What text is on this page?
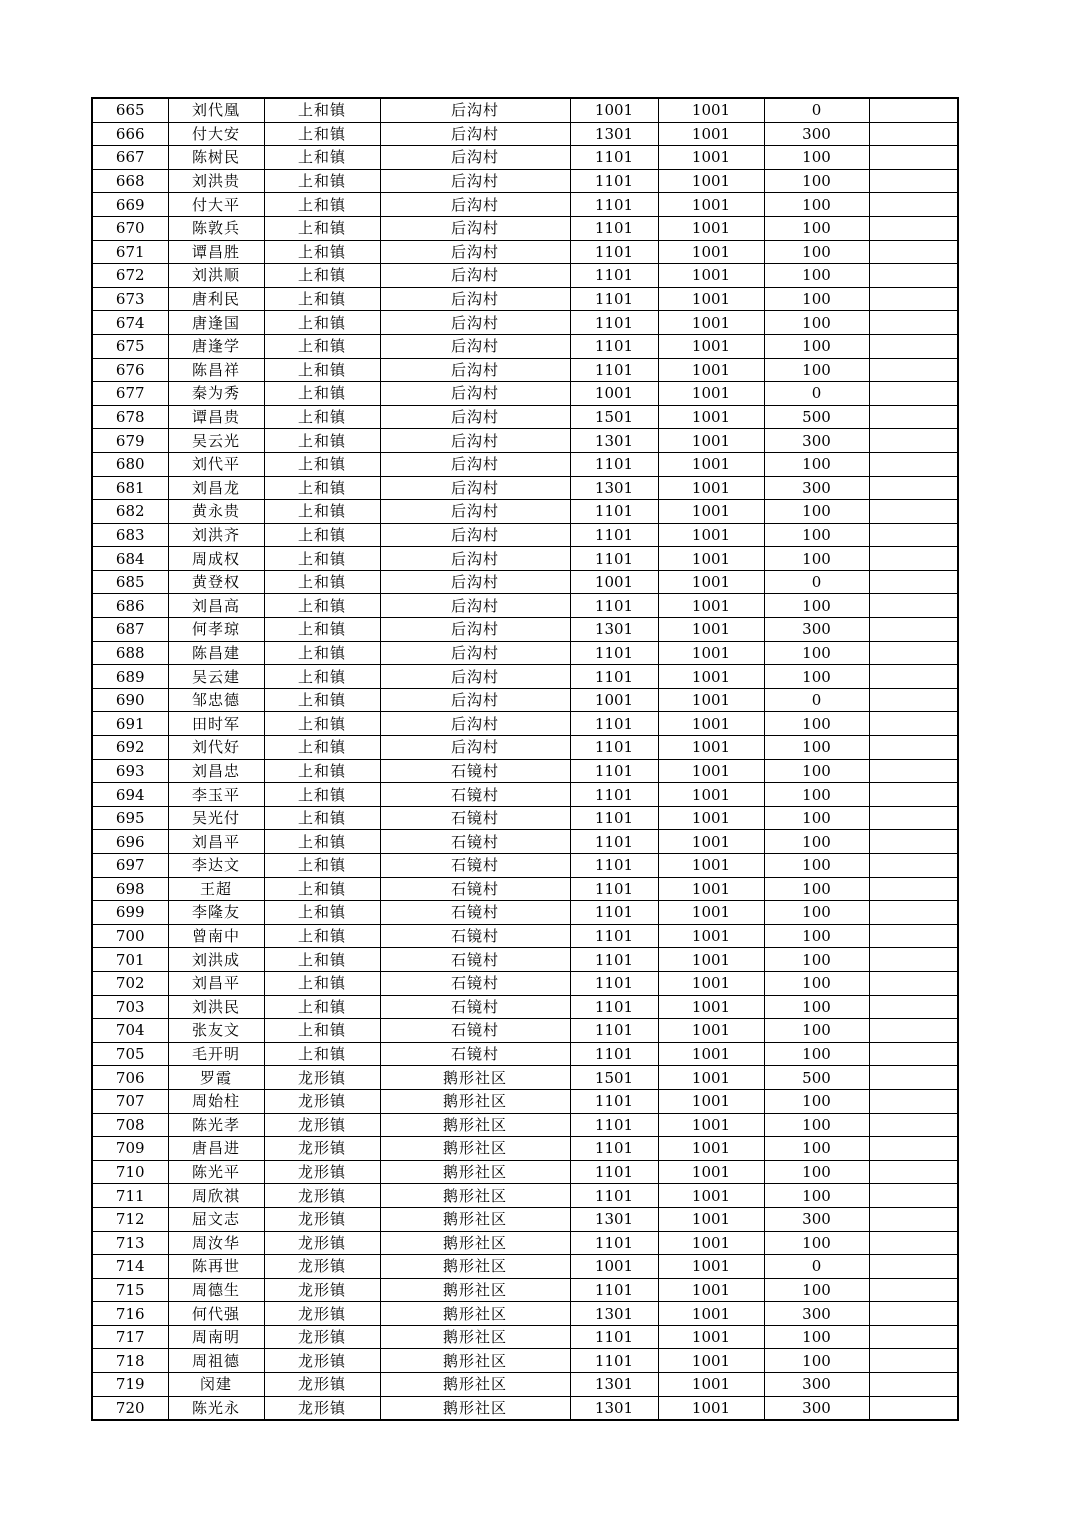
665	刘代凰	上和镇	后沟村	1001	1001	0	
666	付大安	上和镇	后沟村	1301	1001	300	
667	陈树民	上和镇	后沟村	1101	1001	100	
668	刘洪贵	上和镇	后沟村	1101	1001	100	
669	付大平	上和镇	后沟村	1101	1001	100	
670	陈敦兵	上和镇	后沟村	1101	1001	100	
671	谭昌胜	上和镇	后沟村	1101	1001	100	
672	刘洪顺	上和镇	后沟村	1101	1001	100	
673	唐利民	上和镇	后沟村	1101	1001	100	
674	唐逢国	上和镇	后沟村	1101	1001	100	
675	唐逢学	上和镇	后沟村	1101	1001	100	
676	陈昌祥	上和镇	后沟村	1101	1001	100	
677	秦为秀	上和镇	后沟村	1001	1001	0	
678	谭昌贵	上和镇	后沟村	1501	1001	500	
679	吴云光	上和镇	后沟村	1301	1001	300	
680	刘代平	上和镇	后沟村	1101	1001	100	
681	刘昌龙	上和镇	后沟村	1301	1001	300	
682	黄永贵	上和镇	后沟村	1101	1001	100	
683	刘洪齐	上和镇	后沟村	1101	1001	100	
684	周成权	上和镇	后沟村	1101	1001	100	
685	黄登权	上和镇	后沟村	1001	1001	0	
686	刘昌高	上和镇	后沟村	1101	1001	100	
687	何孝琼	上和镇	后沟村	1301	1001	300	
688	陈昌建	上和镇	后沟村	1101	1001	100	
689	吴云建	上和镇	后沟村	1101	1001	100	
690	邹忠德	上和镇	后沟村	1001	1001	0	
691	田时军	上和镇	后沟村	1101	1001	100	
692	刘代好	上和镇	后沟村	1101	1001	100	
693	刘昌忠	上和镇	石镜村	1101	1001	100	
694	李玉平	上和镇	石镜村	1101	1001	100	
695	吴光付	上和镇	石镜村	1101	1001	100	
696	刘昌平	上和镇	石镜村	1101	1001	100	
697	李达文	上和镇	石镜村	1101	1001	100	
698	王超	上和镇	石镜村	1101	1001	100	
699	李隆友	上和镇	石镜村	1101	1001	100	
700	曾南中	上和镇	石镜村	1101	1001	100	
701	刘洪成	上和镇	石镜村	1101	1001	100	
702	刘昌平	上和镇	石镜村	1101	1001	100	
703	刘洪民	上和镇	石镜村	1101	1001	100	
704	张友文	上和镇	石镜村	1101	1001	100	
705	毛开明	上和镇	石镜村	1101	1001	100	
706	罗霞	龙形镇	鹅形社区	1501	1001	500	
707	周始柱	龙形镇	鹅形社区	1101	1001	100	
708	陈光孝	龙形镇	鹅形社区	1101	1001	100	
709	唐昌进	龙形镇	鹅形社区	1101	1001	100	
710	陈光平	龙形镇	鹅形社区	1101	1001	100	
711	周欣祺	龙形镇	鹅形社区	1101	1001	100	
712	屈文志	龙形镇	鹅形社区	1301	1001	300	
713	周汝华	龙形镇	鹅形社区	1101	1001	100	
714	陈再世	龙形镇	鹅形社区	1001	1001	0	
715	周德生	龙形镇	鹅形社区	1101	1001	100	
716	何代强	龙形镇	鹅形社区	1301	1001	300	
717	周南明	龙形镇	鹅形社区	1101	1001	100	
718	周祖德	龙形镇	鹅形社区	1101	1001	100	
719	闵建	龙形镇	鹅形社区	1301	1001	300	
720	陈光永	龙形镇	鹅形社区	1301	1001	300	
